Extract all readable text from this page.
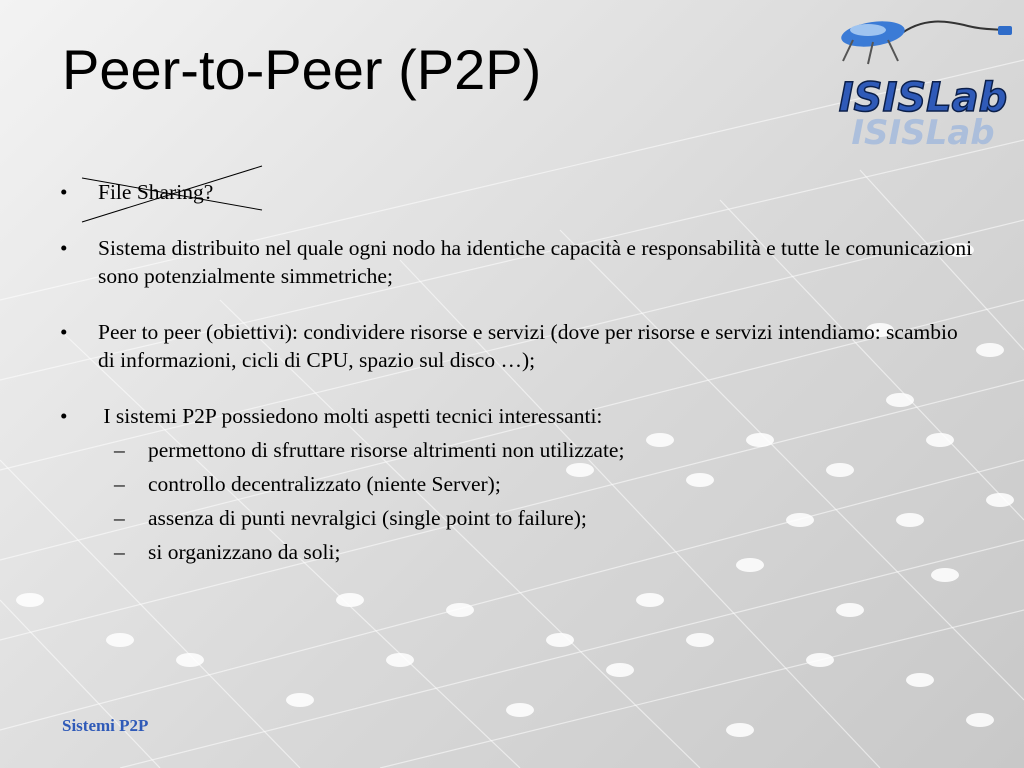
ISISLab
ISISLab
Peer-to-Peer (P2P)
•	File Sharing?
•	Sistema distribuito nel quale ogni nodo ha identiche capacità e responsabilità e tutte le comunicazioni sono potenzialmente simmetriche;
•	Peer to peer (obiettivi): condividere risorse e servizi (dove per risorse e servizi intendiamo: scambio di informazioni, cicli di CPU, spazio sul disco …);
•	I sistemi P2P possiedono molti aspetti tecnici interessanti:
–	permettono di sfruttare risorse altrimenti non utilizzate;
–	controllo decentralizzato (niente Server);
–	assenza di punti nevralgici (single point to failure);
–	si organizzano da soli;
Sistemi P2P
